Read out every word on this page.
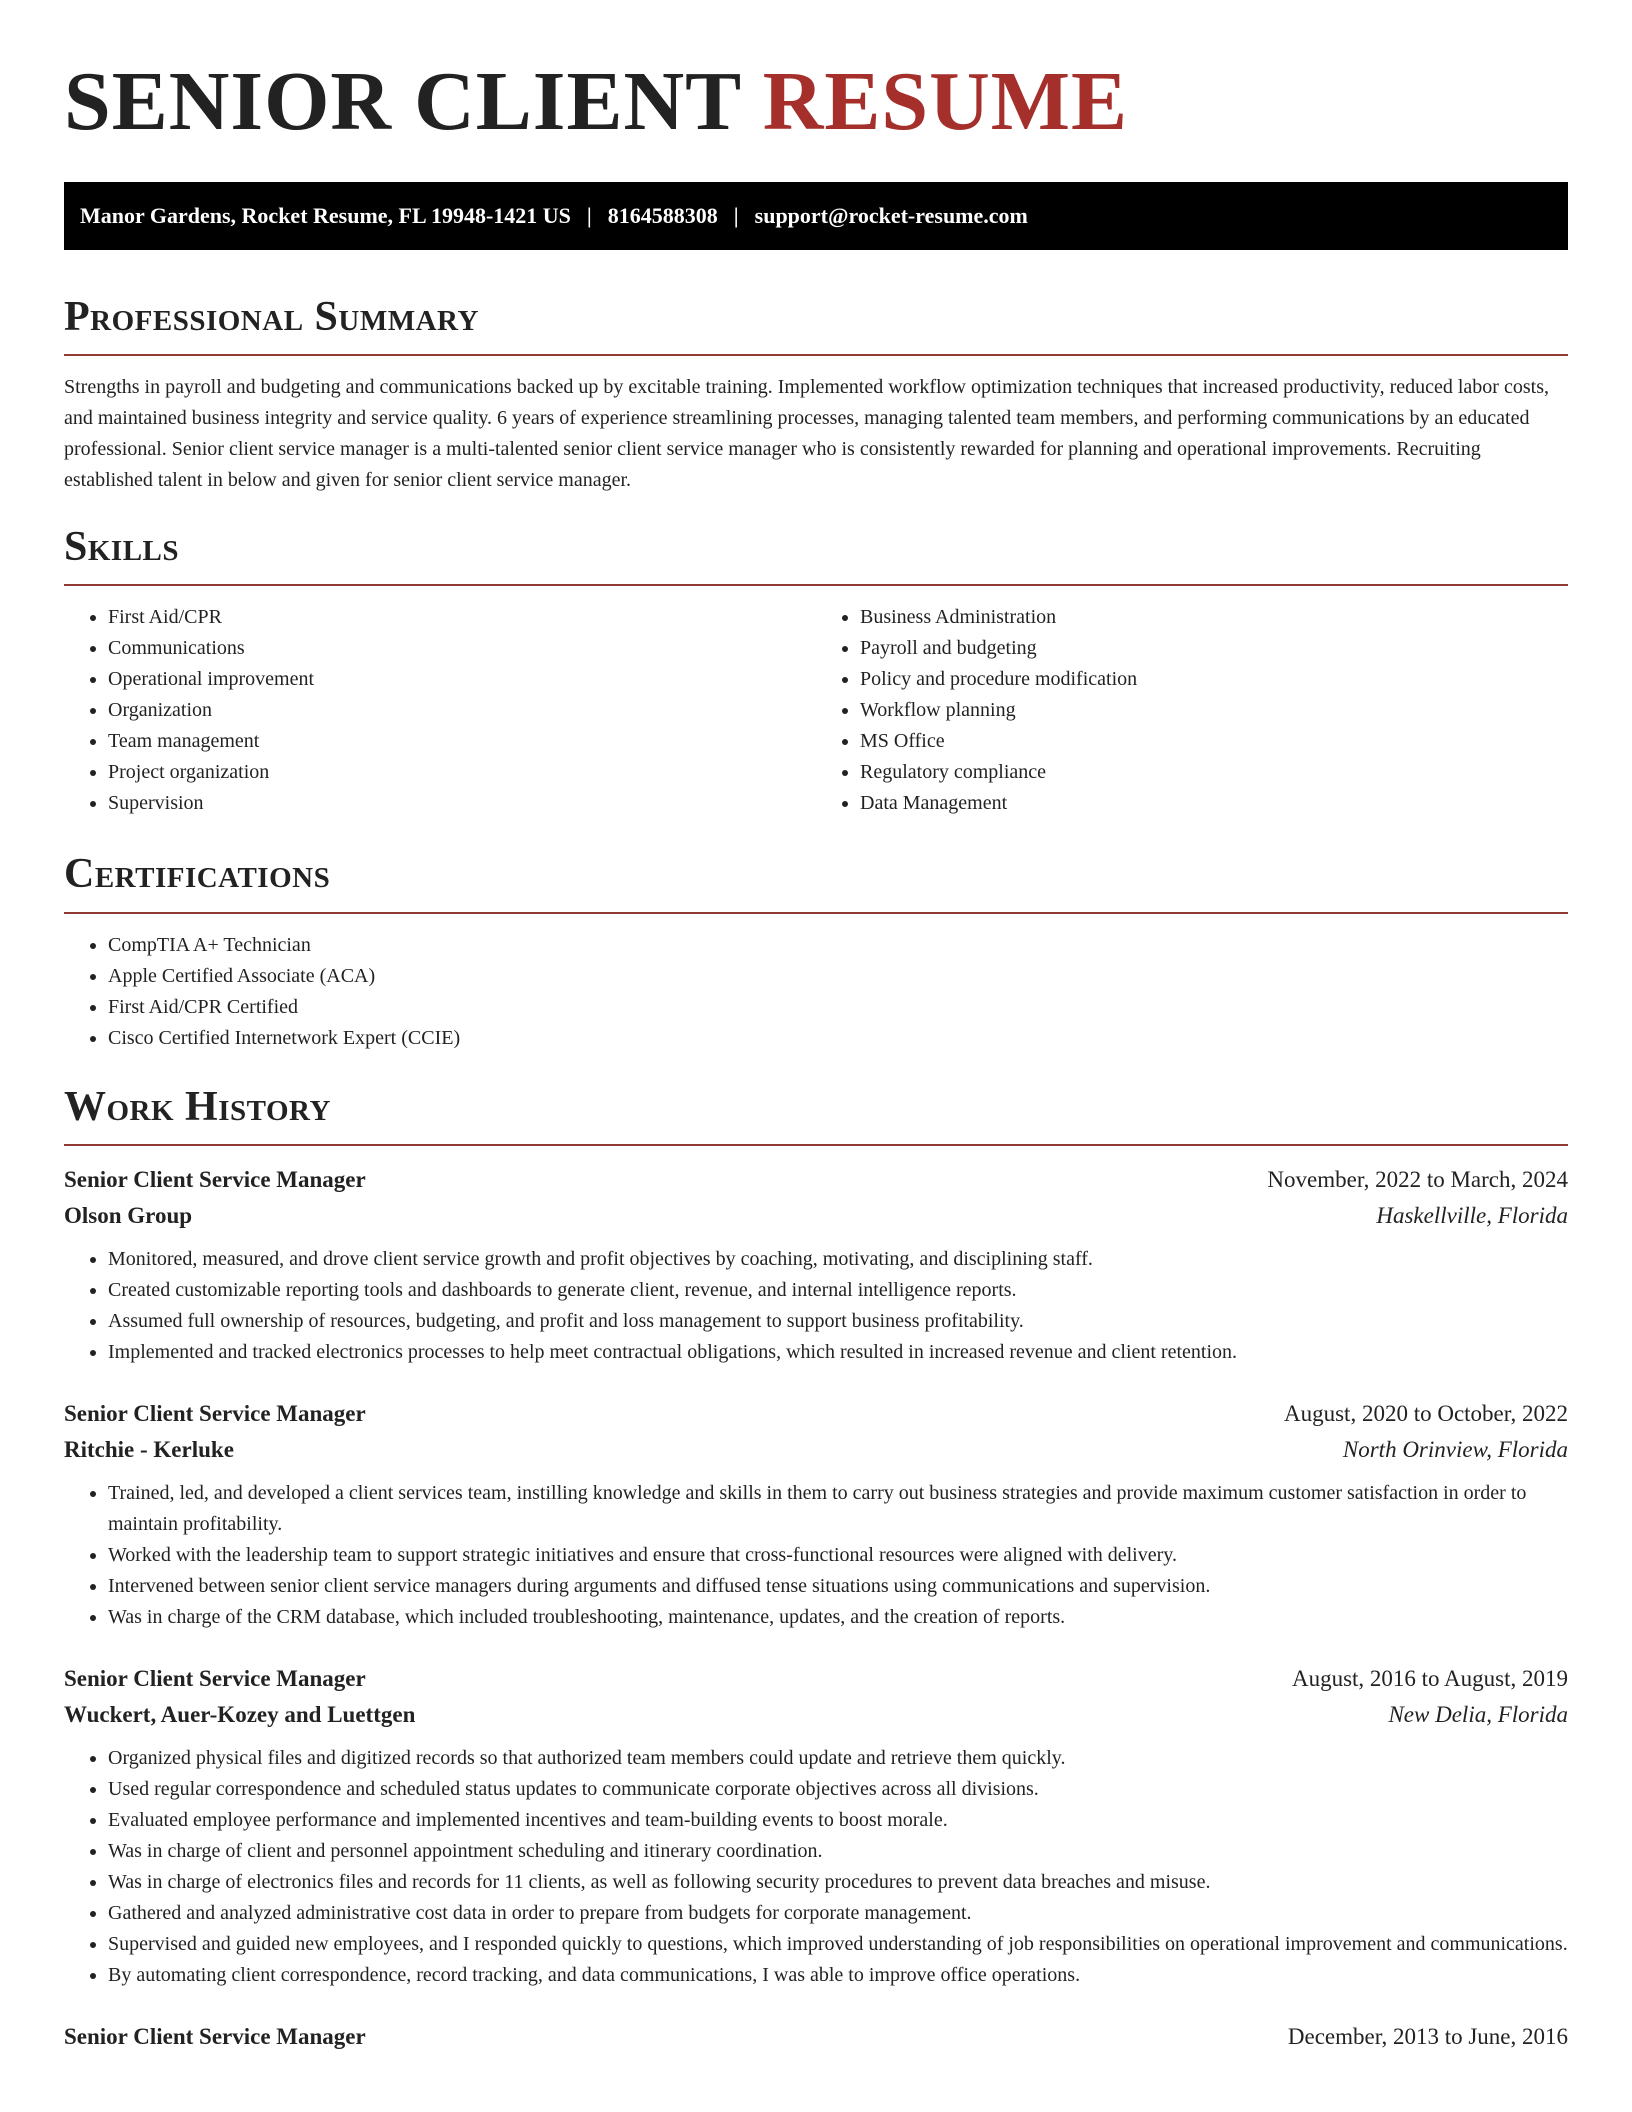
SENIOR CLIENT RESUME
Manor Gardens, Rocket Resume, FL 19948-1421 US | 8164588308 | support@rocket-resume.com
Professional Summary

Strengths in payroll and budgeting and communications backed up by excitable training. Implemented workflow optimization techniques that increased productivity, reduced labor costs, and maintained business integrity and service quality. 6 years of experience streamlining processes, managing talented team members, and performing communications by an educated professional. Senior client service manager is a multi-talented senior client service manager who is consistently rewarded for planning and operational improvements. Recruiting established talent in below and given for senior client service manager.

Skills
• First Aid/CPR
• Communications
• Operational improvement
• Organization
• Team management
• Project organization
• Supervision
• Business Administration
• Payroll and budgeting
• Policy and procedure modification
• Workflow planning
• MS Office
• Regulatory compliance
• Data Management
Certifications
• CompTIA A+ Technician
• Apple Certified Associate (ACA)
• First Aid/CPR Certified
• Cisco Certified Internetwork Expert (CCIE)
Work History
Senior Client Service Manager	November, 2022 to March, 2024
Olson Group	Haskellville, Florida
• Monitored, measured, and drove client service growth and profit objectives by coaching, motivating, and disciplining staff.
• Created customizable reporting tools and dashboards to generate client, revenue, and internal intelligence reports.
• Assumed full ownership of resources, budgeting, and profit and loss management to support business profitability.
• Implemented and tracked electronics processes to help meet contractual obligations, which resulted in increased revenue and client retention.
Senior Client Service Manager	August, 2020 to October, 2022
Ritchie - Kerluke	North Orinview, Florida
• Trained, led, and developed a client services team, instilling knowledge and skills in them to carry out business strategies and provide maximum customer satisfaction in order to maintain profitability.
• Worked with the leadership team to support strategic initiatives and ensure that cross-functional resources were aligned with delivery.
• Intervened between senior client service managers during arguments and diffused tense situations using communications and supervision.
• Was in charge of the CRM database, which included troubleshooting, maintenance, updates, and the creation of reports.
Senior Client Service Manager	August, 2016 to August, 2019
Wuckert, Auer-Kozey and Luettgen	New Delia, Florida
• Organized physical files and digitized records so that authorized team members could update and retrieve them quickly.
• Used regular correspondence and scheduled status updates to communicate corporate objectives across all divisions.
• Evaluated employee performance and implemented incentives and team-building events to boost morale.
• Was in charge of client and personnel appointment scheduling and itinerary coordination.
• Was in charge of electronics files and records for 11 clients, as well as following security procedures to prevent data breaches and misuse.
• Gathered and analyzed administrative cost data in order to prepare from budgets for corporate management.
• Supervised and guided new employees, and I responded quickly to questions, which improved understanding of job responsibilities on operational improvement and communications.
• By automating client correspondence, record tracking, and data communications, I was able to improve office operations.
Senior Client Service Manager	December, 2013 to June, 2016
